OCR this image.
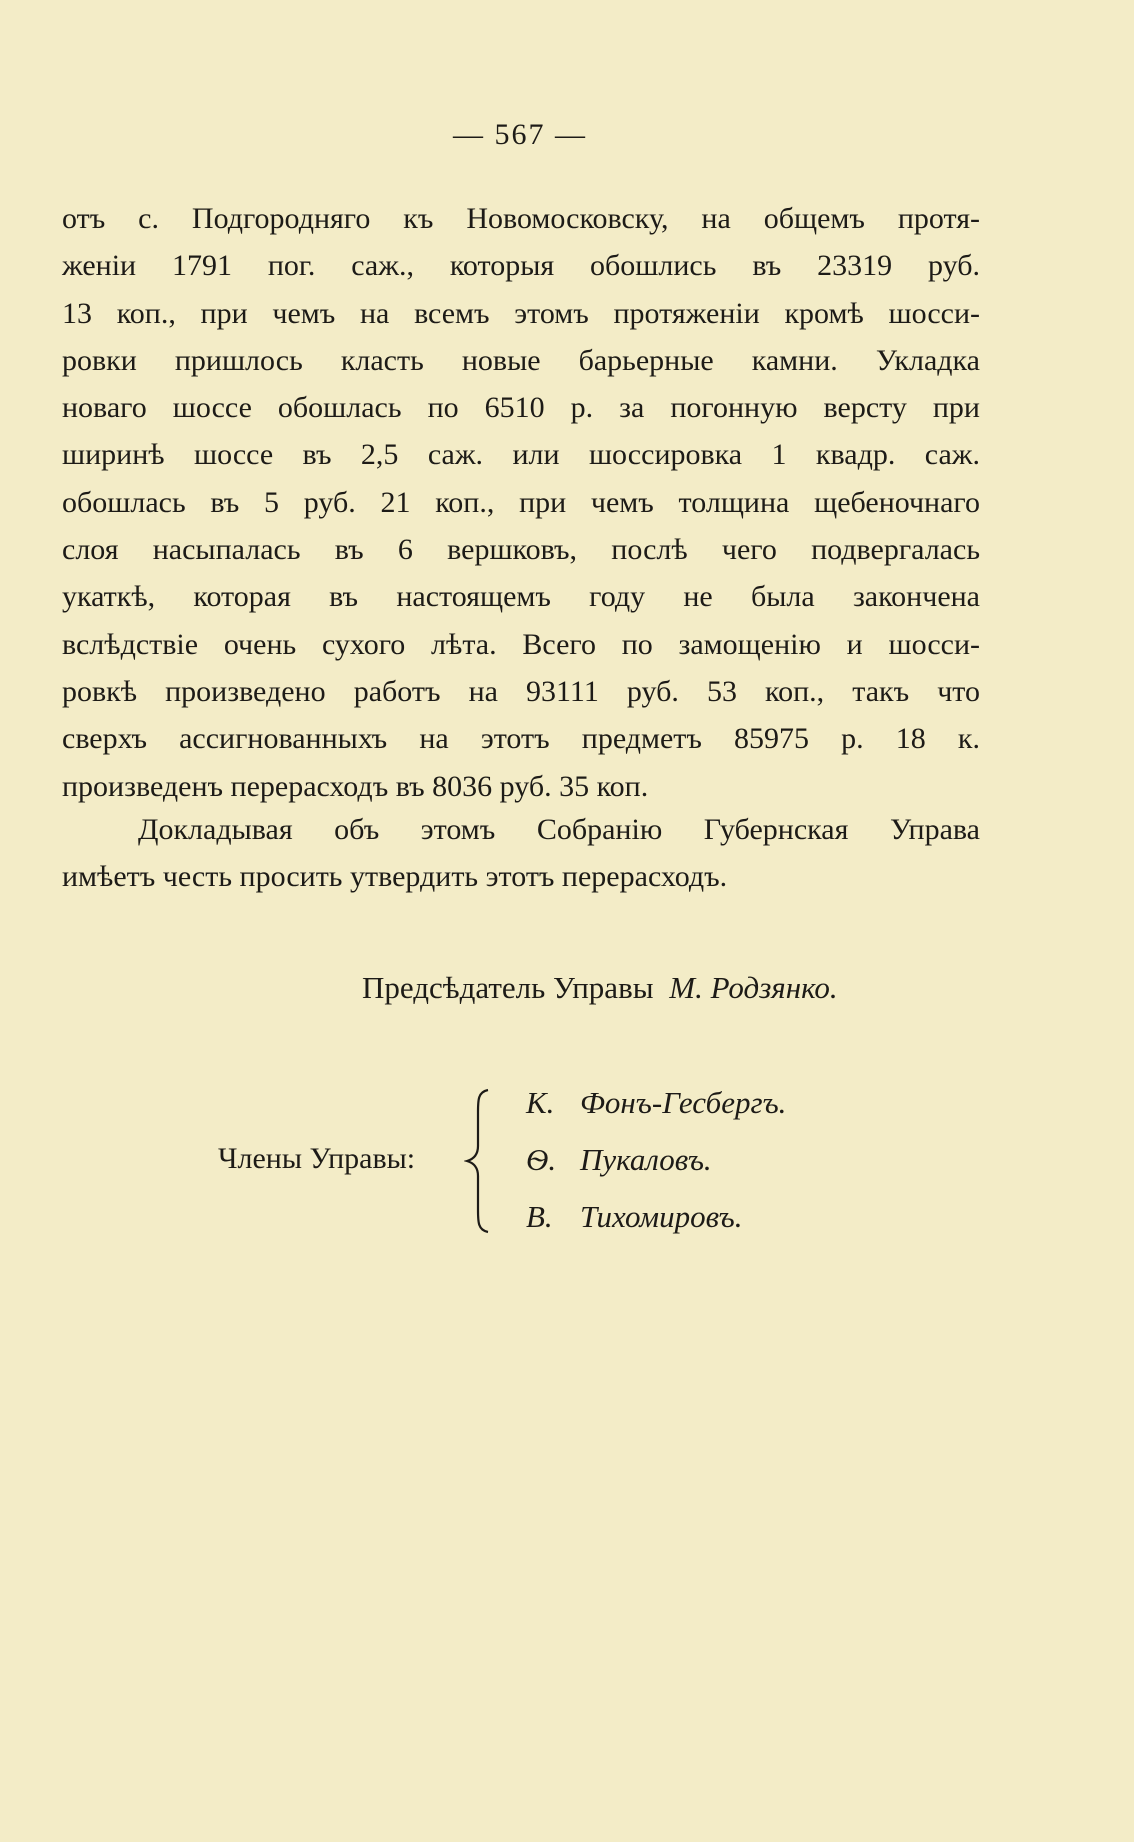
— 567 —
отъ с. Подгородняго къ Новомосковску, на общемъ протя-
женіи 1791 пог. саж., которыя обошлись въ 23319 руб.
13 коп., при чемъ на всемъ этомъ протяженіи кромѣ шосси-
ровки пришлось класть новые барьерные камни. Укладка
новаго шоссе обошлась по 6510 р. за погонную версту при
ширинѣ шоссе въ 2,5 саж. или шоссировка 1 квадр. саж.
обошлась въ 5 руб. 21 коп., при чемъ толщина щебеночнаго
слоя насыпалась въ 6 вершковъ, послѣ чего подвергалась
укаткѣ, которая въ настоящемъ году не была закончена
вслѣдствіе очень сухого лѣта. Всего по замощенію и шосси-
ровкѣ произведено работъ на 93111 руб. 53 коп., такъ что
сверхъ ассигнованныхъ на этотъ предметъ 85975 р. 18 к.
произведенъ перерасходъ въ 8036 руб. 35 коп.
Докладывая объ этомъ Собранію Губернская Управа
имѣетъ честь просить утвердить этотъ перерасходъ.
Предсѣдатель Управы М. Родзянко.
Члены Управы:
К. Фонъ-Гесбергъ.
Ѳ. Пукаловъ.
В. Тихомировъ.
